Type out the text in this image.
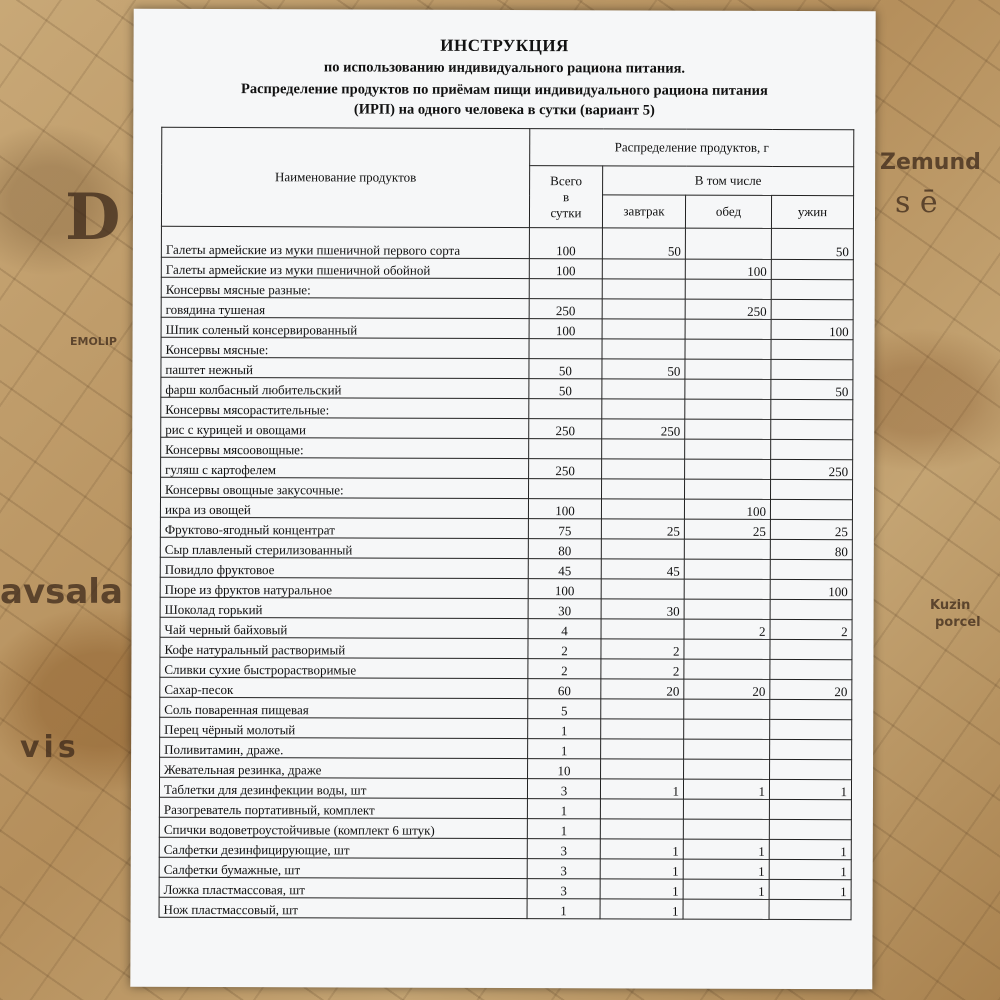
D
avsala
vis
Zemund
s ē
EMOLIP
Kuzin
porcel
ИНСТРУКЦИЯ
по использованию индивидуального рациона питания.
Распределение продуктов по приёмам пищи индивидуального рациона питания
(ИРП) на одного человека в сутки (вариант 5)
Наименование продуктов	Распределение продуктов, г			
	Всего
в
сутки	В том числе		
		завтрак	обед	ужин
Галеты армейские из муки пшеничной первого сорта	100	50		50
Галеты армейские из муки пшеничной обойной	100		100	
Консервы мясные разные:				
говядина тушеная	250		250	
Шпик соленый консервированный	100			100
Консервы мясные:				
паштет нежный	50	50		
фарш колбасный любительский	50			50
Консервы мясорастительные:				
рис с курицей и овощами	250	250		
Консервы мясоовощные:				
гуляш с картофелем	250			250
Консервы овощные закусочные:				
икра из овощей	100		100	
Фруктово-ягодный концентрат	75	25	25	25
Сыр плавленый стерилизованный	80			80
Повидло фруктовое	45	45		
Пюре из фруктов натуральное	100			100
Шоколад горький	30	30		
Чай черный байховый	4		2	2
Кофе натуральный растворимый	2	2		
Сливки сухие быстрорастворимые	2	2		
Сахар-песок	60	20	20	20
Соль поваренная пищевая	5			
Перец чёрный молотый	1			
Поливитамин, драже.	1			
Жевательная резинка, драже	10			
Таблетки для дезинфекции воды, шт	3	1	1	1
Разогреватель портативный, комплект	1			
Спички водоветроустойчивые (комплект 6 штук)	1			
Салфетки дезинфицирующие, шт	3	1	1	1
Салфетки бумажные, шт	3	1	1	1
Ложка пластмассовая, шт	3	1	1	1
Нож пластмассовый, шт	1	1		
